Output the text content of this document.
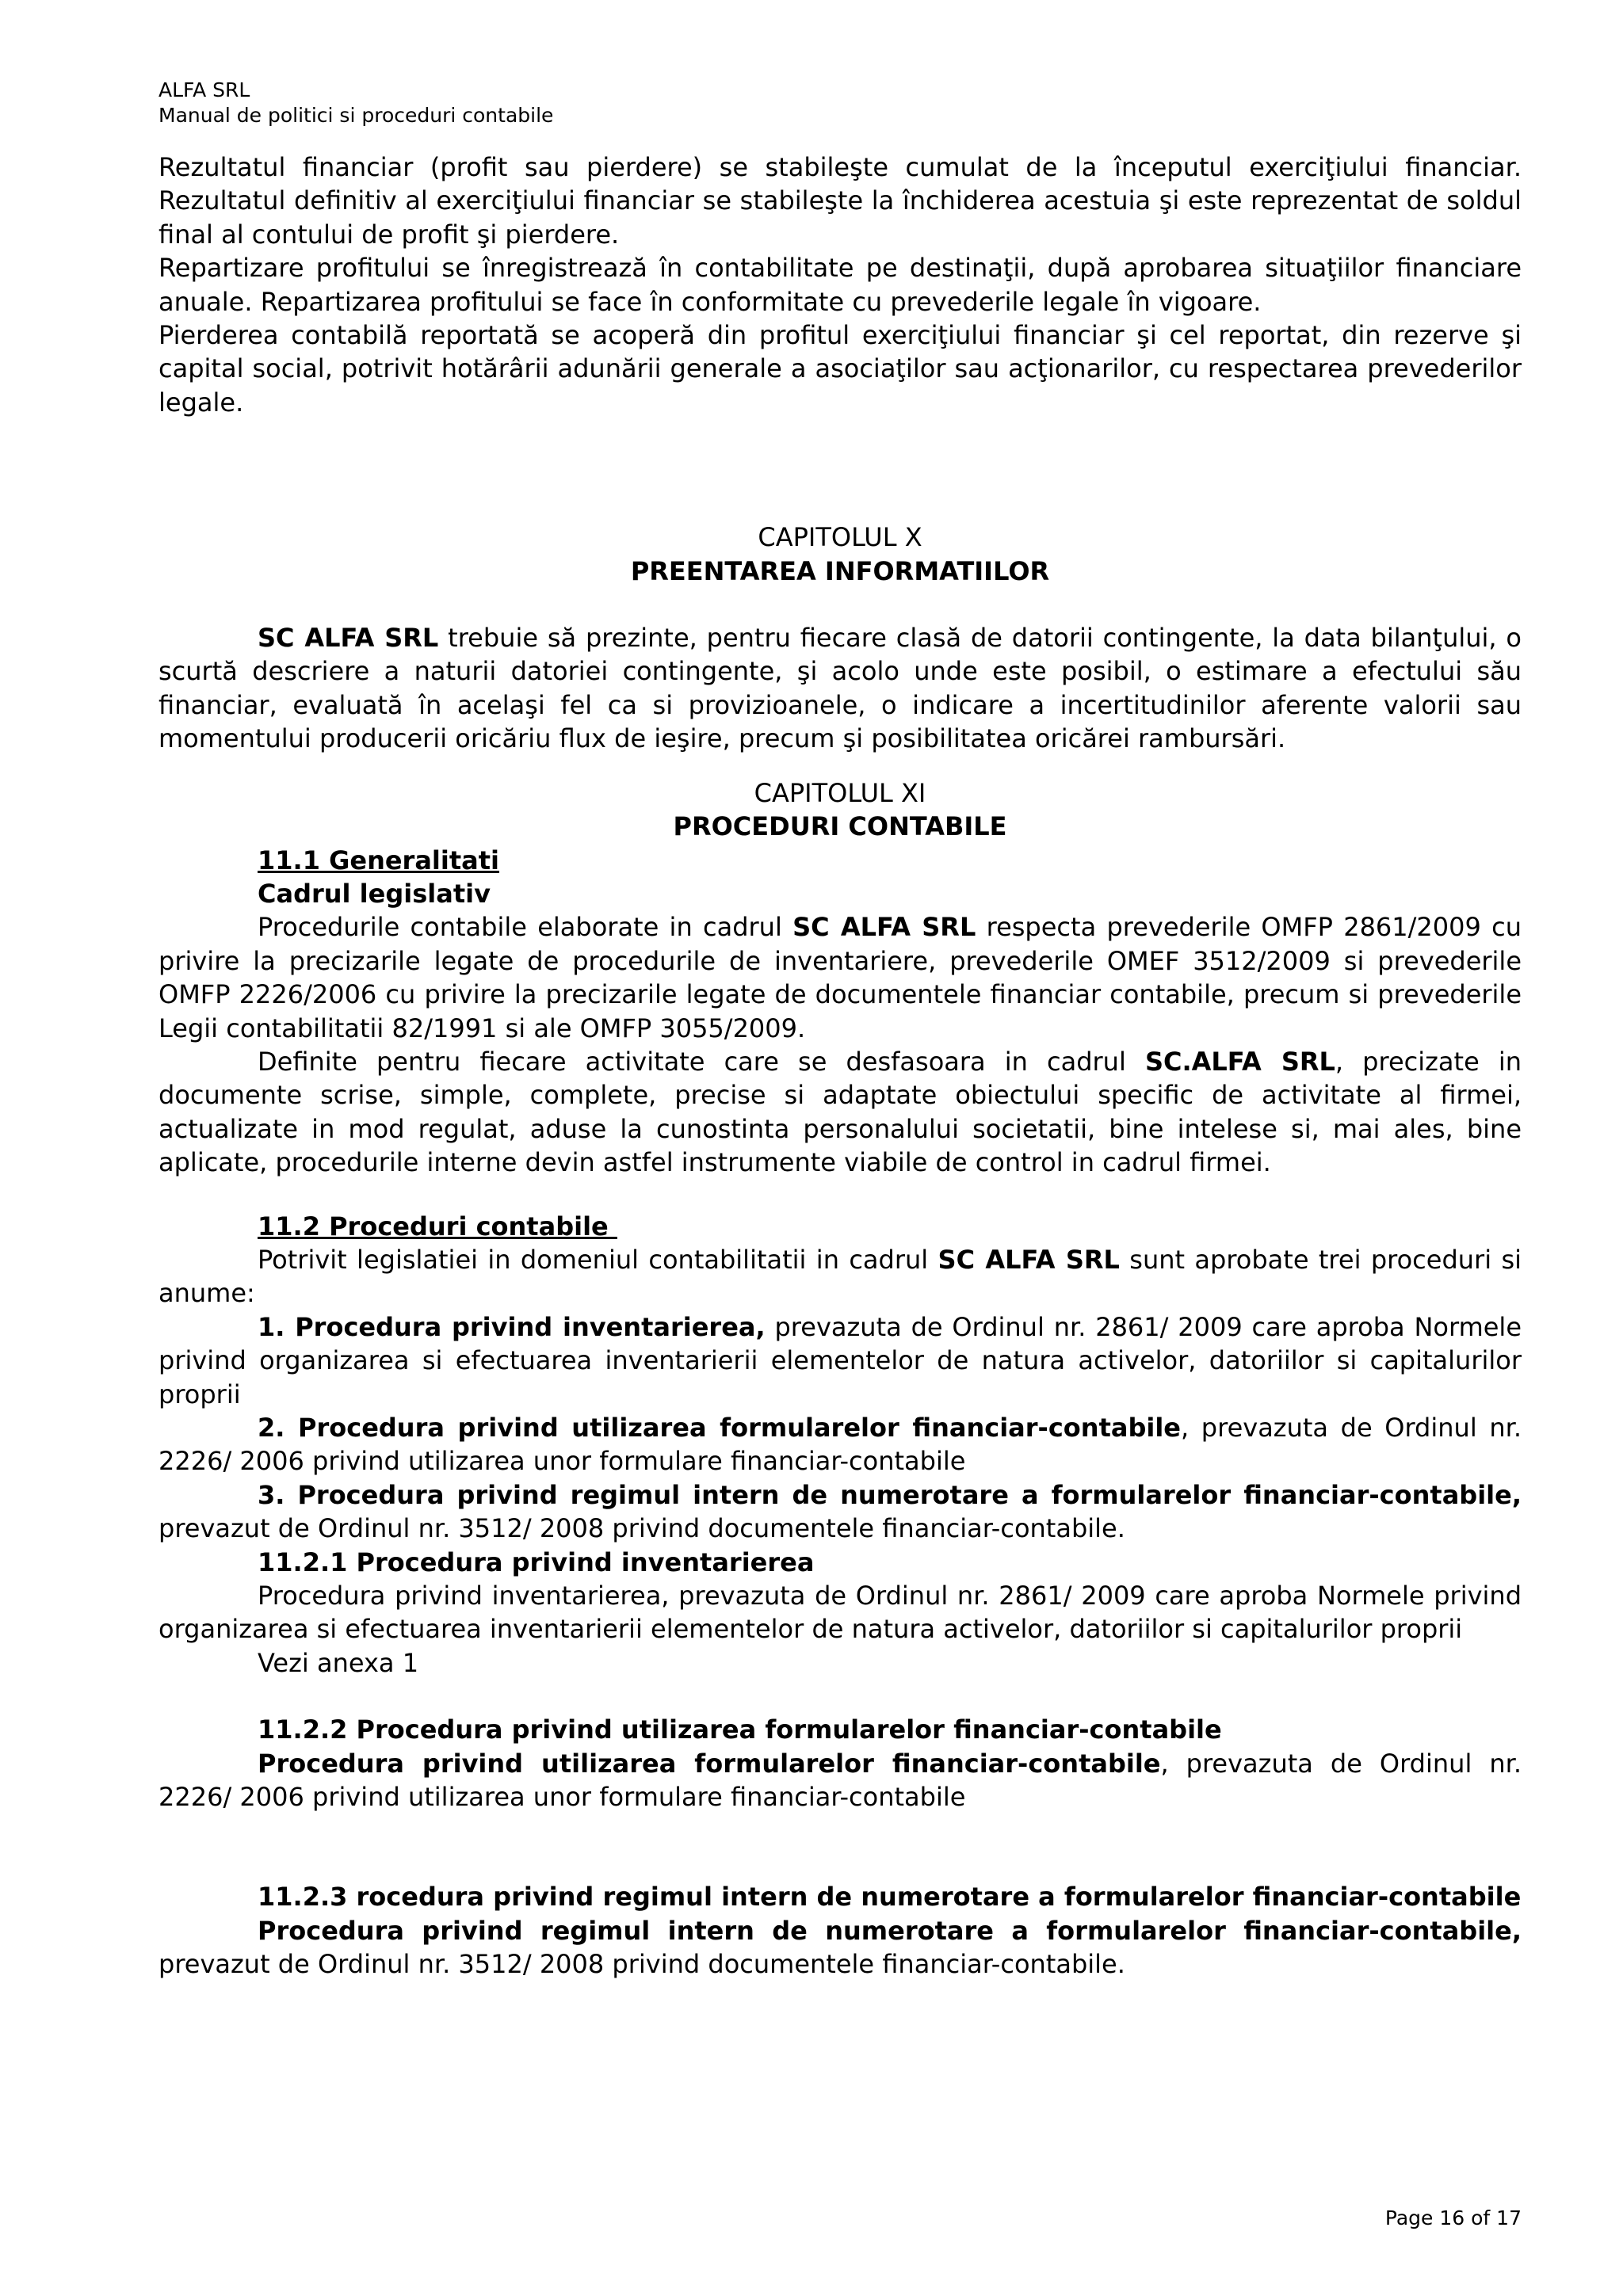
ALFA SRL
Manual de politici si proceduri contabile

Rezultatul financiar (profit sau pierdere) se stabileşte cumulat de la începutul exerciţiului financiar. Rezultatul definitiv al exerciţiului financiar se stabileşte la închiderea acestuia şi este reprezentat de soldul final al contului de profit şi pierdere.

Repartizare profitului se înregistrează în contabilitate pe destinaţii, după aprobarea situaţiilor financiare anuale. Repartizarea profitului se face în conformitate cu prevederile legale în vigoare.

Pierderea contabilă reportată se acoperă din profitul exerciţiului financiar şi cel reportat, din rezerve şi capital social, potrivit hotărârii adunării generale a asociaţilor sau acţionarilor, cu respectarea prevederilor legale.

CAPITOLUL X

PREENTAREA INFORMATIILOR

SC ALFA SRL trebuie să prezinte, pentru fiecare clasă de datorii contingente, la data bilanţului, o scurtă descriere a naturii datoriei contingente, şi acolo unde este posibil, o estimare a efectului său financiar, evaluată în acelaşi fel ca si provizioanele, o indicare a incertitudinilor aferente valorii sau momentului producerii oricăriu flux de ieşire, precum şi posibilitatea oricărei rambursări.

CAPITOLUL XI

PROCEDURI CONTABILE

11.1 Generalitati

Cadrul legislativ

Procedurile contabile elaborate in cadrul SC ALFA SRL respecta prevederile OMFP 2861/2009 cu privire la precizarile legate de procedurile de inventariere, prevederile OMEF 3512/2009 si prevederile OMFP 2226/2006 cu privire la precizarile legate de documentele financiar contabile, precum si prevederile Legii contabilitatii 82/1991 si ale OMFP 3055/2009.

Definite pentru fiecare activitate care se desfasoara in cadrul SC.ALFA SRL, precizate in documente scrise, simple, complete, precise si adaptate obiectului specific de activitate al firmei, actualizate in mod regulat, aduse la cunostinta personalului societatii, bine intelese si, mai ales, bine aplicate, procedurile interne devin astfel instrumente viabile de control in cadrul firmei.

11.2 Proceduri contabile

Potrivit legislatiei in domeniul contabilitatii in cadrul SC ALFA SRL sunt aprobate trei proceduri si anume:

1. Procedura privind inventarierea, prevazuta de Ordinul nr. 2861/ 2009 care aproba Normele privind organizarea si efectuarea inventarierii elementelor de natura activelor, datoriilor si capitalurilor proprii

2. Procedura privind utilizarea formularelor financiar-contabile, prevazuta de Ordinul nr. 2226/ 2006 privind utilizarea unor formulare financiar-contabile

3. Procedura privind regimul intern de numerotare a formularelor financiar-contabile, prevazut de Ordinul nr. 3512/ 2008 privind documentele financiar-contabile.

11.2.1 Procedura privind inventarierea

Procedura privind inventarierea, prevazuta de Ordinul nr. 2861/ 2009 care aproba Normele privind organizarea si efectuarea inventarierii elementelor de natura activelor, datoriilor si capitalurilor proprii

Vezi anexa 1

11.2.2 Procedura privind utilizarea formularelor financiar-contabile

Procedura privind utilizarea formularelor financiar-contabile, prevazuta de Ordinul nr. 2226/ 2006 privind utilizarea unor formulare financiar-contabile

11.2.3 rocedura privind regimul intern de numerotare a formularelor financiar-contabile

Procedura privind regimul intern de numerotare a formularelor financiar-contabile, prevazut de Ordinul nr. 3512/ 2008 privind documentele financiar-contabile.

Page 16 of 17
